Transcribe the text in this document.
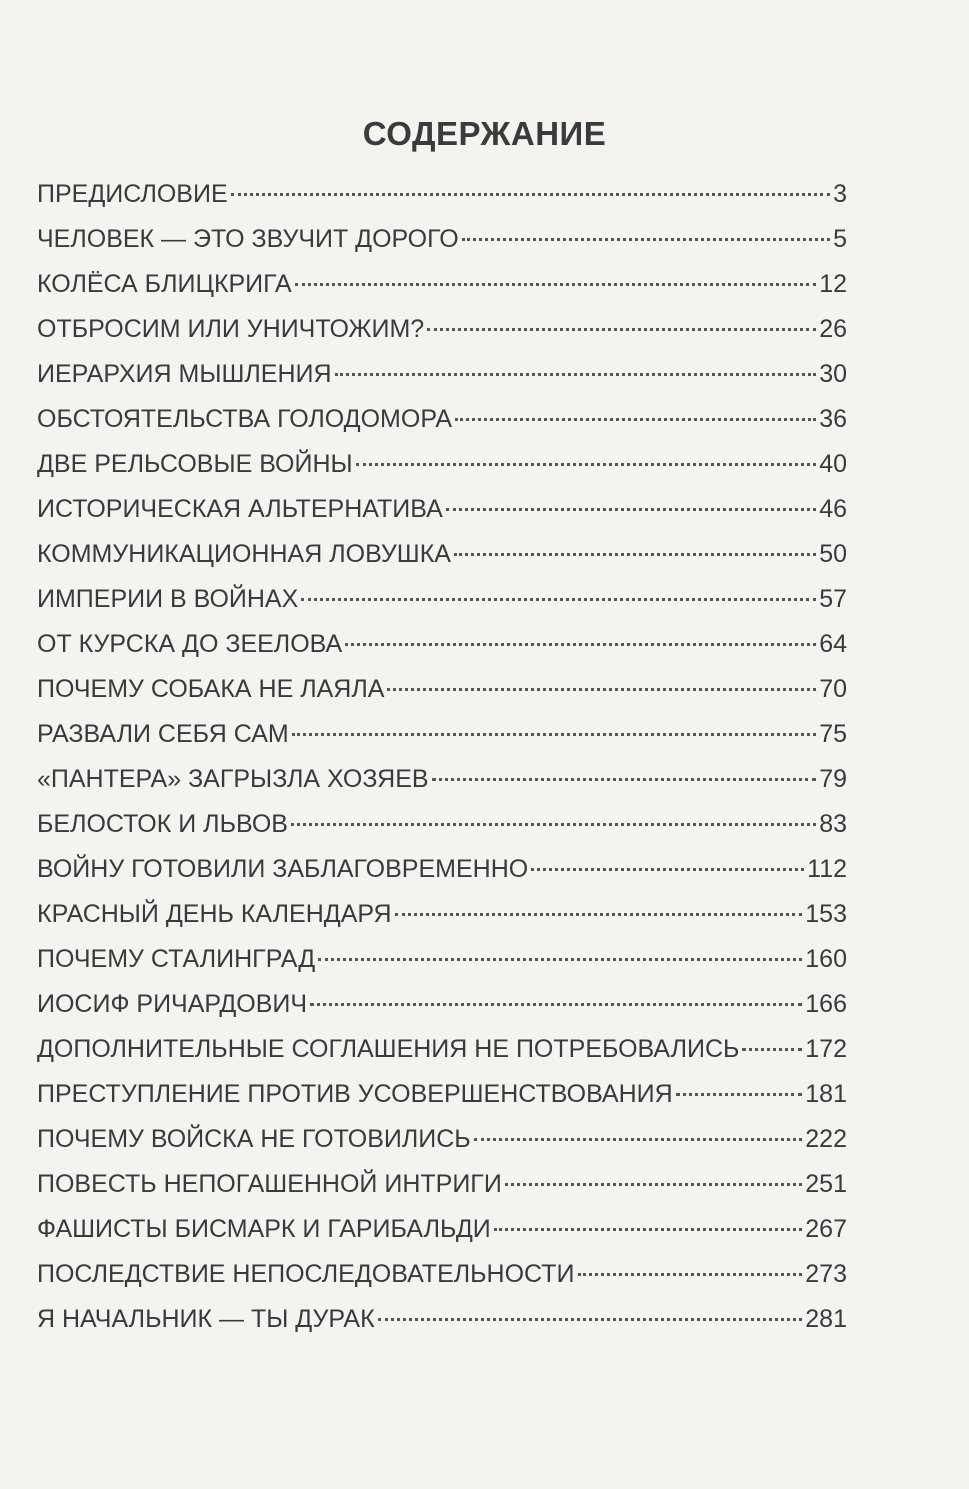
СОДЕРЖАНИЕ
ПРЕДИСЛОВИЕ	3
ЧЕЛОВЕК — ЭТО ЗВУЧИТ ДОРОГО	5
КОЛЁСА БЛИЦКРИГА	12
ОТБРОСИМ ИЛИ УНИЧТОЖИМ?	26
ИЕРАРХИЯ МЫШЛЕНИЯ	30
ОБСТОЯТЕЛЬСТВА ГОЛОДОМОРА	36
ДВЕ РЕЛЬСОВЫЕ ВОЙНЫ	40
ИСТОРИЧЕСКАЯ АЛЬТЕРНАТИВА	46
КОММУНИКАЦИОННАЯ ЛОВУШКА	50
ИМПЕРИИ В ВОЙНАХ	57
ОТ КУРСКА ДО ЗЕЕЛОВА	64
ПОЧЕМУ СОБАКА НЕ ЛАЯЛА	70
РАЗВАЛИ СЕБЯ САМ	75
«ПАНТЕРА» ЗАГРЫЗЛА ХОЗЯЕВ	79
БЕЛОСТОК И ЛЬВОВ	83
ВОЙНУ ГОТОВИЛИ ЗАБЛАГОВРЕМЕННО	112
КРАСНЫЙ ДЕНЬ КАЛЕНДАРЯ	153
ПОЧЕМУ СТАЛИНГРАД	160
ИОСИФ РИЧАРДОВИЧ	166
ДОПОЛНИТЕЛЬНЫЕ СОГЛАШЕНИЯ НЕ ПОТРЕБОВАЛИСЬ	172
ПРЕСТУПЛЕНИЕ ПРОТИВ УСОВЕРШЕНСТВОВАНИЯ	181
ПОЧЕМУ ВОЙСКА НЕ ГОТОВИЛИСЬ	222
ПОВЕСТЬ НЕПОГАШЕННОЙ ИНТРИГИ	251
ФАШИСТЫ БИСМАРК И ГАРИБАЛЬДИ	267
ПОСЛЕДСТВИЕ НЕПОСЛЕДОВАТЕЛЬНОСТИ	273
Я НАЧАЛЬНИК — ТЫ ДУРАК	281
